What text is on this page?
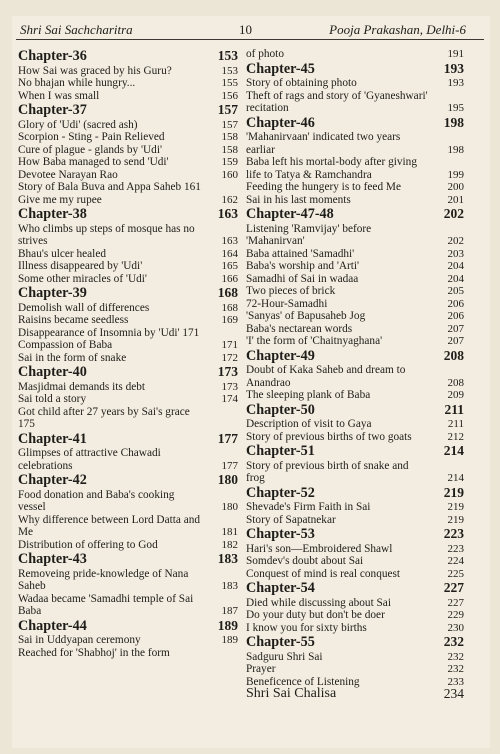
Shri Sai Sachcharitra	10	Pooja Prakashan, Delhi-6
Chapter-36	153
How Sai was graced by his Guru?	153
No bhajan while hungry...	155
When I was small	156
Chapter-37	157
Glory of 'Udi' (sacred ash)	157
Scorpion - Sting - Pain Relieved	158
Cure of plague - glands by 'Udi'	158
How Baba managed to send 'Udi'	159
Devotee Narayan Rao	160
Story of Bala Buva and Appa Saheb 161
Give me my rupee	162
Chapter-38	163
Who climbs up steps of mosque has no strives	163
Bhau's ulcer healed	164
Illness disappeared by 'Udi'	165
Some other miracles of 'Udi'	166
Chapter-39	168
Demolish wall of differences	168
Raisins became seedless	169
Disappearance of Insomnia by 'Udi' 171
Compassion of Baba	171
Sai in the form of snake	172
Chapter-40	173
Masjidmai demands its debt	173
Sai told a story	174
Got child after 27 years by Sai's grace 175
Chapter-41	177
Glimpses of attractive Chawadi celebrations	177
Chapter-42	180
Food donation and Baba's cooking vessel	180
Why difference between Lord Datta and Me	181
Distribution of offering to God	182
Chapter-43	183
Removeing pride-knowledge of Nana Saheb	183
Wadaa became 'Samadhi temple of Sai Baba	187
Chapter-44	189
Sai in Uddyapan ceremony	189
Reached for 'Shabhoj' in the form
of photo	191
Chapter-45	193
Story of obtaining photo	193
Theft of rags and story of 'Gyaneshwari' recitation	195
Chapter-46	198
'Mahanirvaan' indicated two years earliar	198
Baba left his mortal-body after giving life to Tatya & Ramchandra	199
Feeding the hungery is to feed Me	200
Sai in his last moments	201
Chapter-47-48	202
Listening 'Ramvijay' before 'Mahanirvan'	202
Baba attained 'Samadhi'	203
Baba's worship and 'Arti'	204
Samadhi of Sai in wadaa	204
Two pieces of brick	205
72-Hour-Samadhi	206
'Sanyas' of Bapusaheb Jog	206
Baba's nectarean words	207
'I' the form of 'Chaitnyaghana'	207
Chapter-49	208
Doubt of Kaka Saheb and dream to Anandrao	208
The sleeping plank of Baba	209
Chapter-50	211
Description of visit to Gaya	211
Story of previous births of two goats	212
Chapter-51	214
Story of previous birth of snake and frog	214
Chapter-52	219
Shevade's Firm Faith in Sai	219
Story of Sapatnekar	219
Chapter-53	223
Hari's son—Embroidered Shawl	223
Somdev's doubt about Sai	224
Conquest of mind is real conquest	225
Chapter-54	227
Died while discussing about Sai	227
Do your duty but don't be doer	229
I know you for sixty births	230
Chapter-55	232
Sadguru Shri Sai	232
Prayer	232
Beneficence of Listening	233
Shri Sai Chalisa	234
